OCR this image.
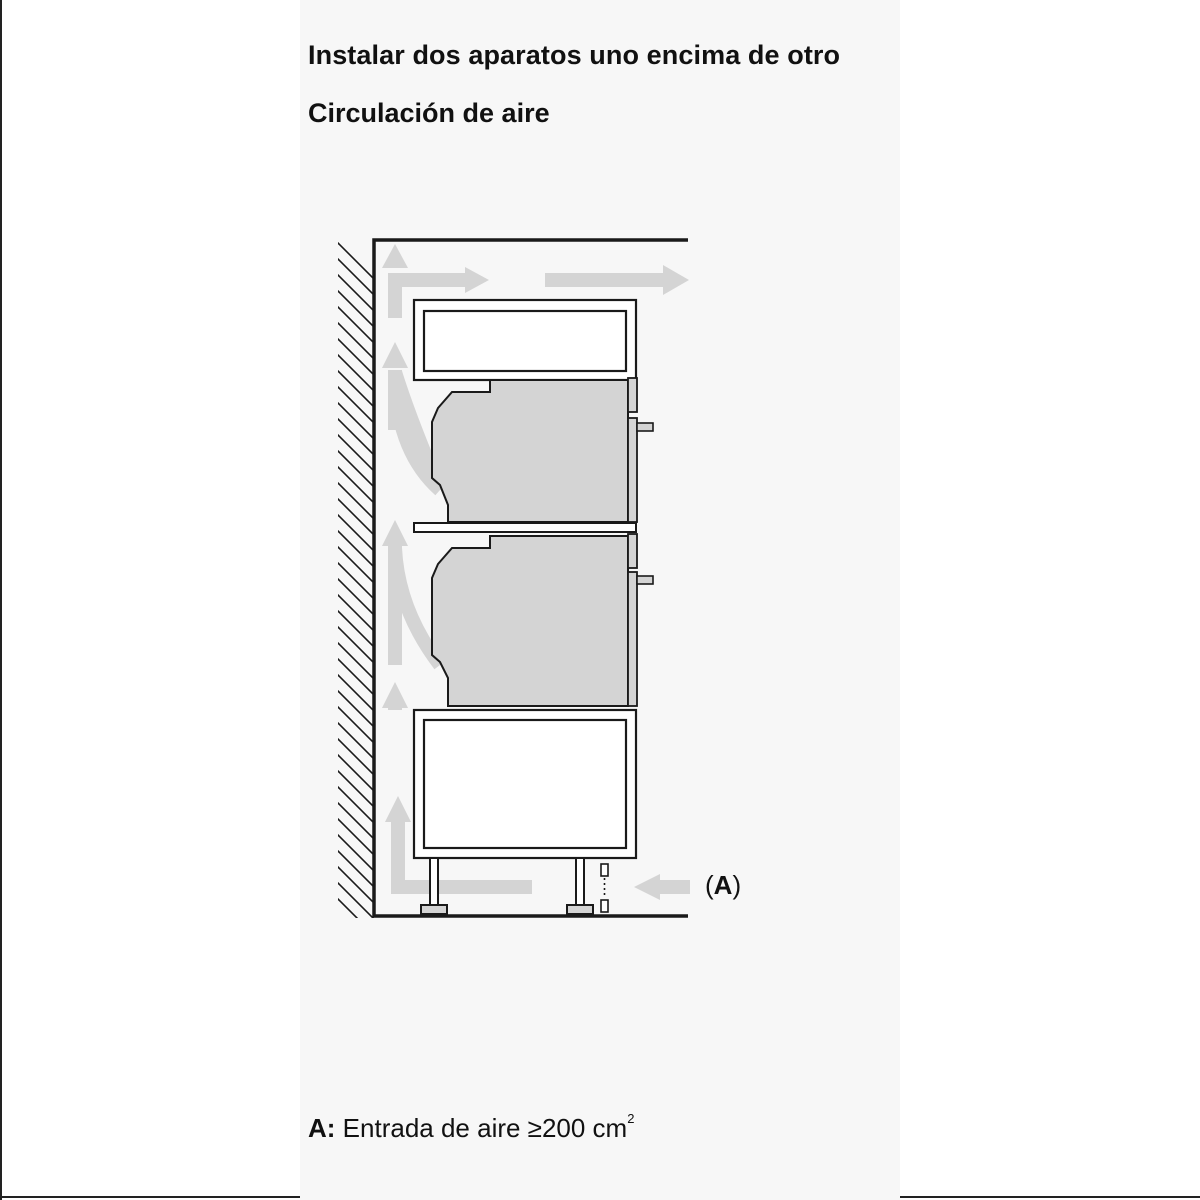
Instalar dos aparatos uno encima de otro
Circulación de aire
(A)
A: Entrada de aire ≥200 $cm^2$
